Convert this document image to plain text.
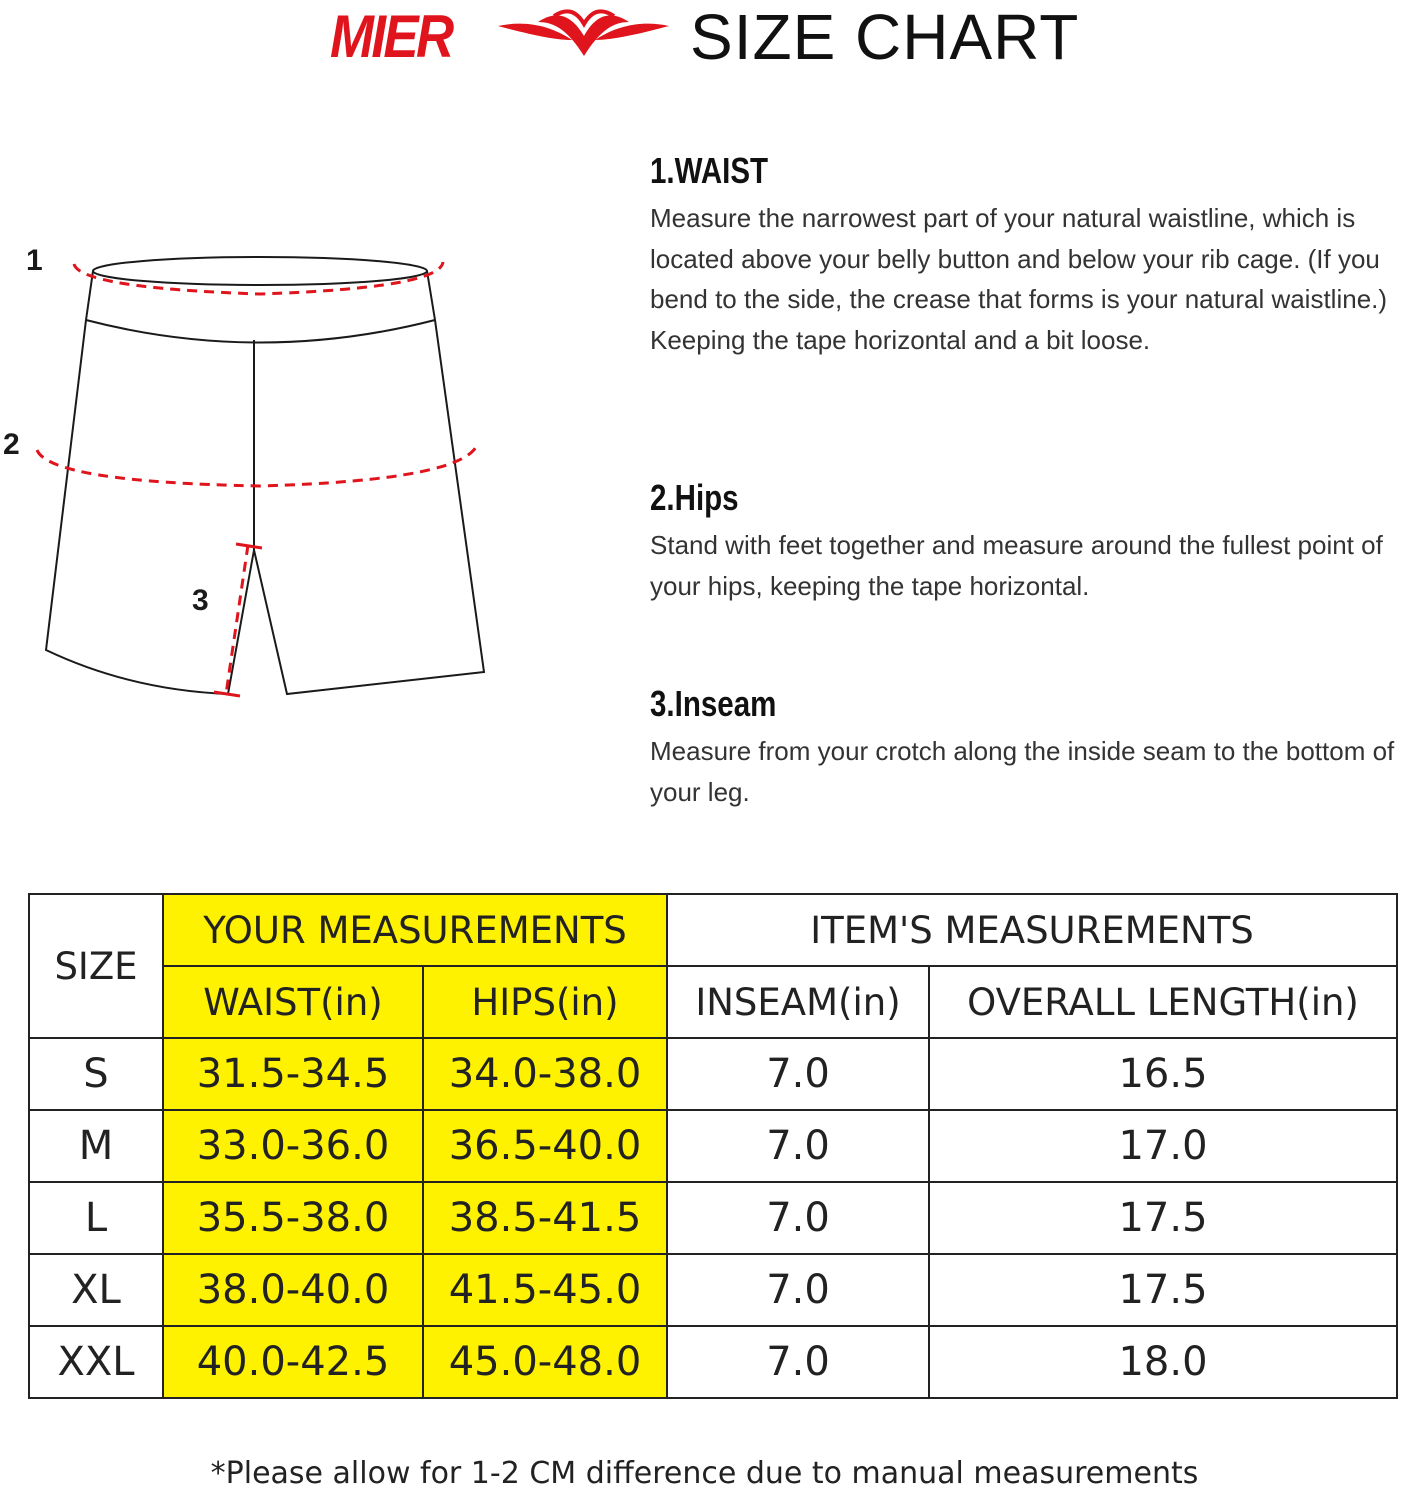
MIER	SIZE CHART
1
2
3
1.WAIST

Measure the narrowest part of your natural waistline, which is located above your belly button and below your rib cage. (If you bend to the side, the crease that forms is your natural waistline.) Keeping the tape horizontal and a bit loose.

2.Hips

Stand with feet together and measure around the fullest point of your hips, keeping the tape horizontal.

3.Inseam

Measure from your crotch along the inside seam to the bottom of your leg.

SIZE	YOUR MEASUREMENTS		ITEM'S MEASUREMENTS	
	WAIST(in)	HIPS(in)	INSEAM(in)	OVERALL LENGTH(in)
S	31.5-34.5	34.0-38.0	7.0	16.5
M	33.0-36.0	36.5-40.0	7.0	17.0
L	35.5-38.0	38.5-41.5	7.0	17.5
XL	38.0-40.0	41.5-45.0	7.0	17.5
XXL	40.0-42.5	45.0-48.0	7.0	18.0
*Please allow for 1-2 CM difference due to manual measurements
